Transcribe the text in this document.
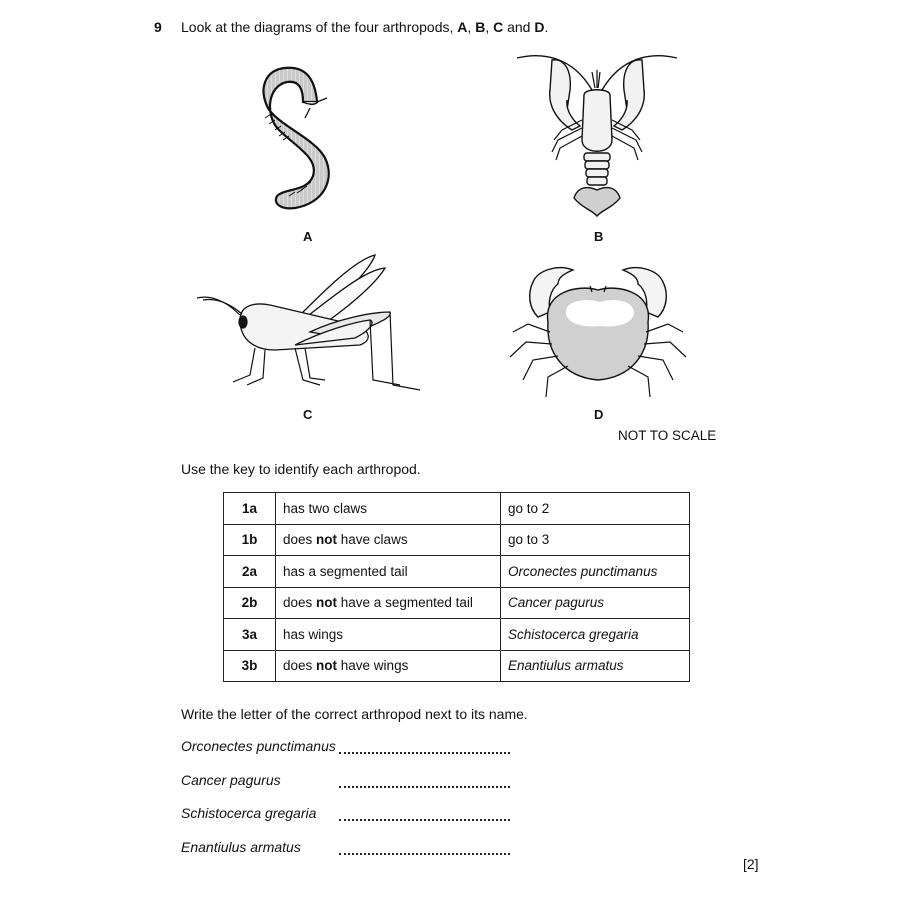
9 Look at the diagrams of the four arthropods, A, B, C and D.
A	B
C	D
NOT TO SCALE
Use the key to identify each arthropod.
1a	has two claws	go to 2
1b	does not have claws	go to 3
2a	has a segmented tail	Orconectes punctimanus
2b	does not have a segmented tail	Cancer pagurus
3a	has wings	Schistocerca gregaria
3b	does not have wings	Enantiulus armatus
Write the letter of the correct arthropod next to its name.
Orconectes punctimanus
Cancer pagurus
Schistocerca gregaria
Enantiulus armatus
[2]
